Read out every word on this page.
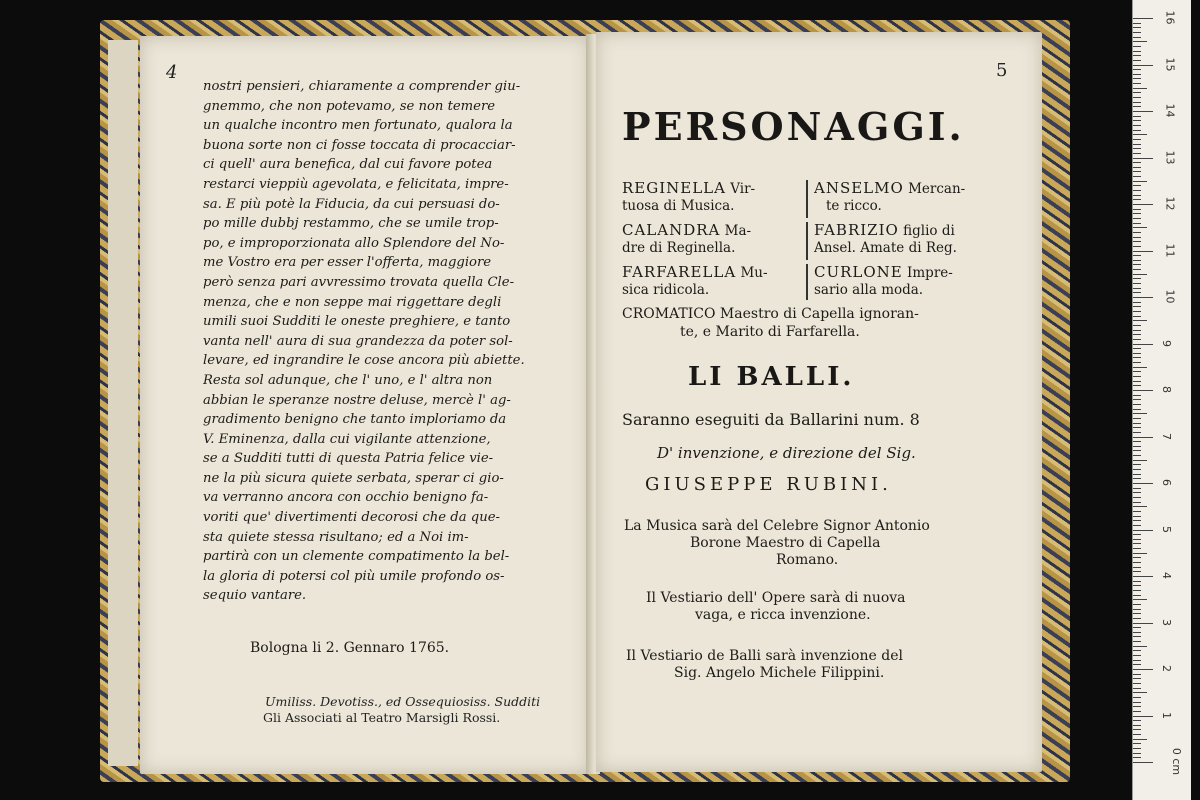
4
nostri pensieri, chiaramente a comprender giu-
gnemmo, che non potevamo, se non temere
un qualche incontro men fortunato, qualora la
buona sorte non ci fosse toccata di procacciar-
ci quell' aura benefica, dal cui favore potea
restarci vieppiù agevolata, e felicitata, impre-
sa. E più potè la Fiducia, da cui persuasi do-
po mille dubbj restammo, che se umile trop-
po, e improporzionata allo Splendore del No-
me Vostro era per esser l'offerta, maggiore
però senza pari avvressimo trovata quella Cle-
menza, che e non seppe mai riggettare degli
umili suoi Sudditi le oneste preghiere, e tanto
vanta nell' aura di sua grandezza da poter sol-
levare, ed ingrandire le cose ancora più abiette.
Resta sol adunque, che l' uno, e l' altra non
abbian le speranze nostre deluse, mercè l' ag-
gradimento benigno che tanto imploriamo da
V. Eminenza, dalla cui vigilante attenzione,
se a Sudditi tutti di questa Patria felice vie-
ne la più sicura quiete serbata, sperar ci gio-
va verranno ancora con occhio benigno fa-
voriti que' divertimenti decorosi che da que-
sta quiete stessa risultano; ed a Noi im-
partirà con un clemente compatimento la bel-
la gloria di potersi col più umile profondo os-
sequio vantare.
Bologna li 2. Gennaro 1765.
Umiliss. Devotiss., ed Ossequiosiss. Sudditi
Gli Associati al Teatro Marsigli Rossi.
5
PERSONAGGI.
REGINELLA Vir-
tuosa di Musica.
ANSELMO Mercan-
te ricco.
CALANDRA Ma-
dre di Reginella.
FABRIZIO figlio di
Ansel. Amate di Reg.
FARFARELLA Mu-
sica ridicola.
CURLONE Impre-
sario alla moda.
CROMATICO Maestro di Capella ignoran-
te, e Marito di Farfarella.
LI BALLI.
Saranno eseguiti da Ballarini num. 8
D' invenzione, e direzione del Sig.
GIUSEPPE RUBINI.
La Musica sarà del Celebre Signor Antonio
Borone Maestro di Capella
Romano.
Il Vestiario dell' Opere sarà di nuova
vaga, e ricca invenzione.
Il Vestiario de Balli sarà invenzione del
Sig. Angelo Michele Filippini.
16
15
14
13
12
11
10
9
8
7
6
5
4
3
2
1
0 cm
